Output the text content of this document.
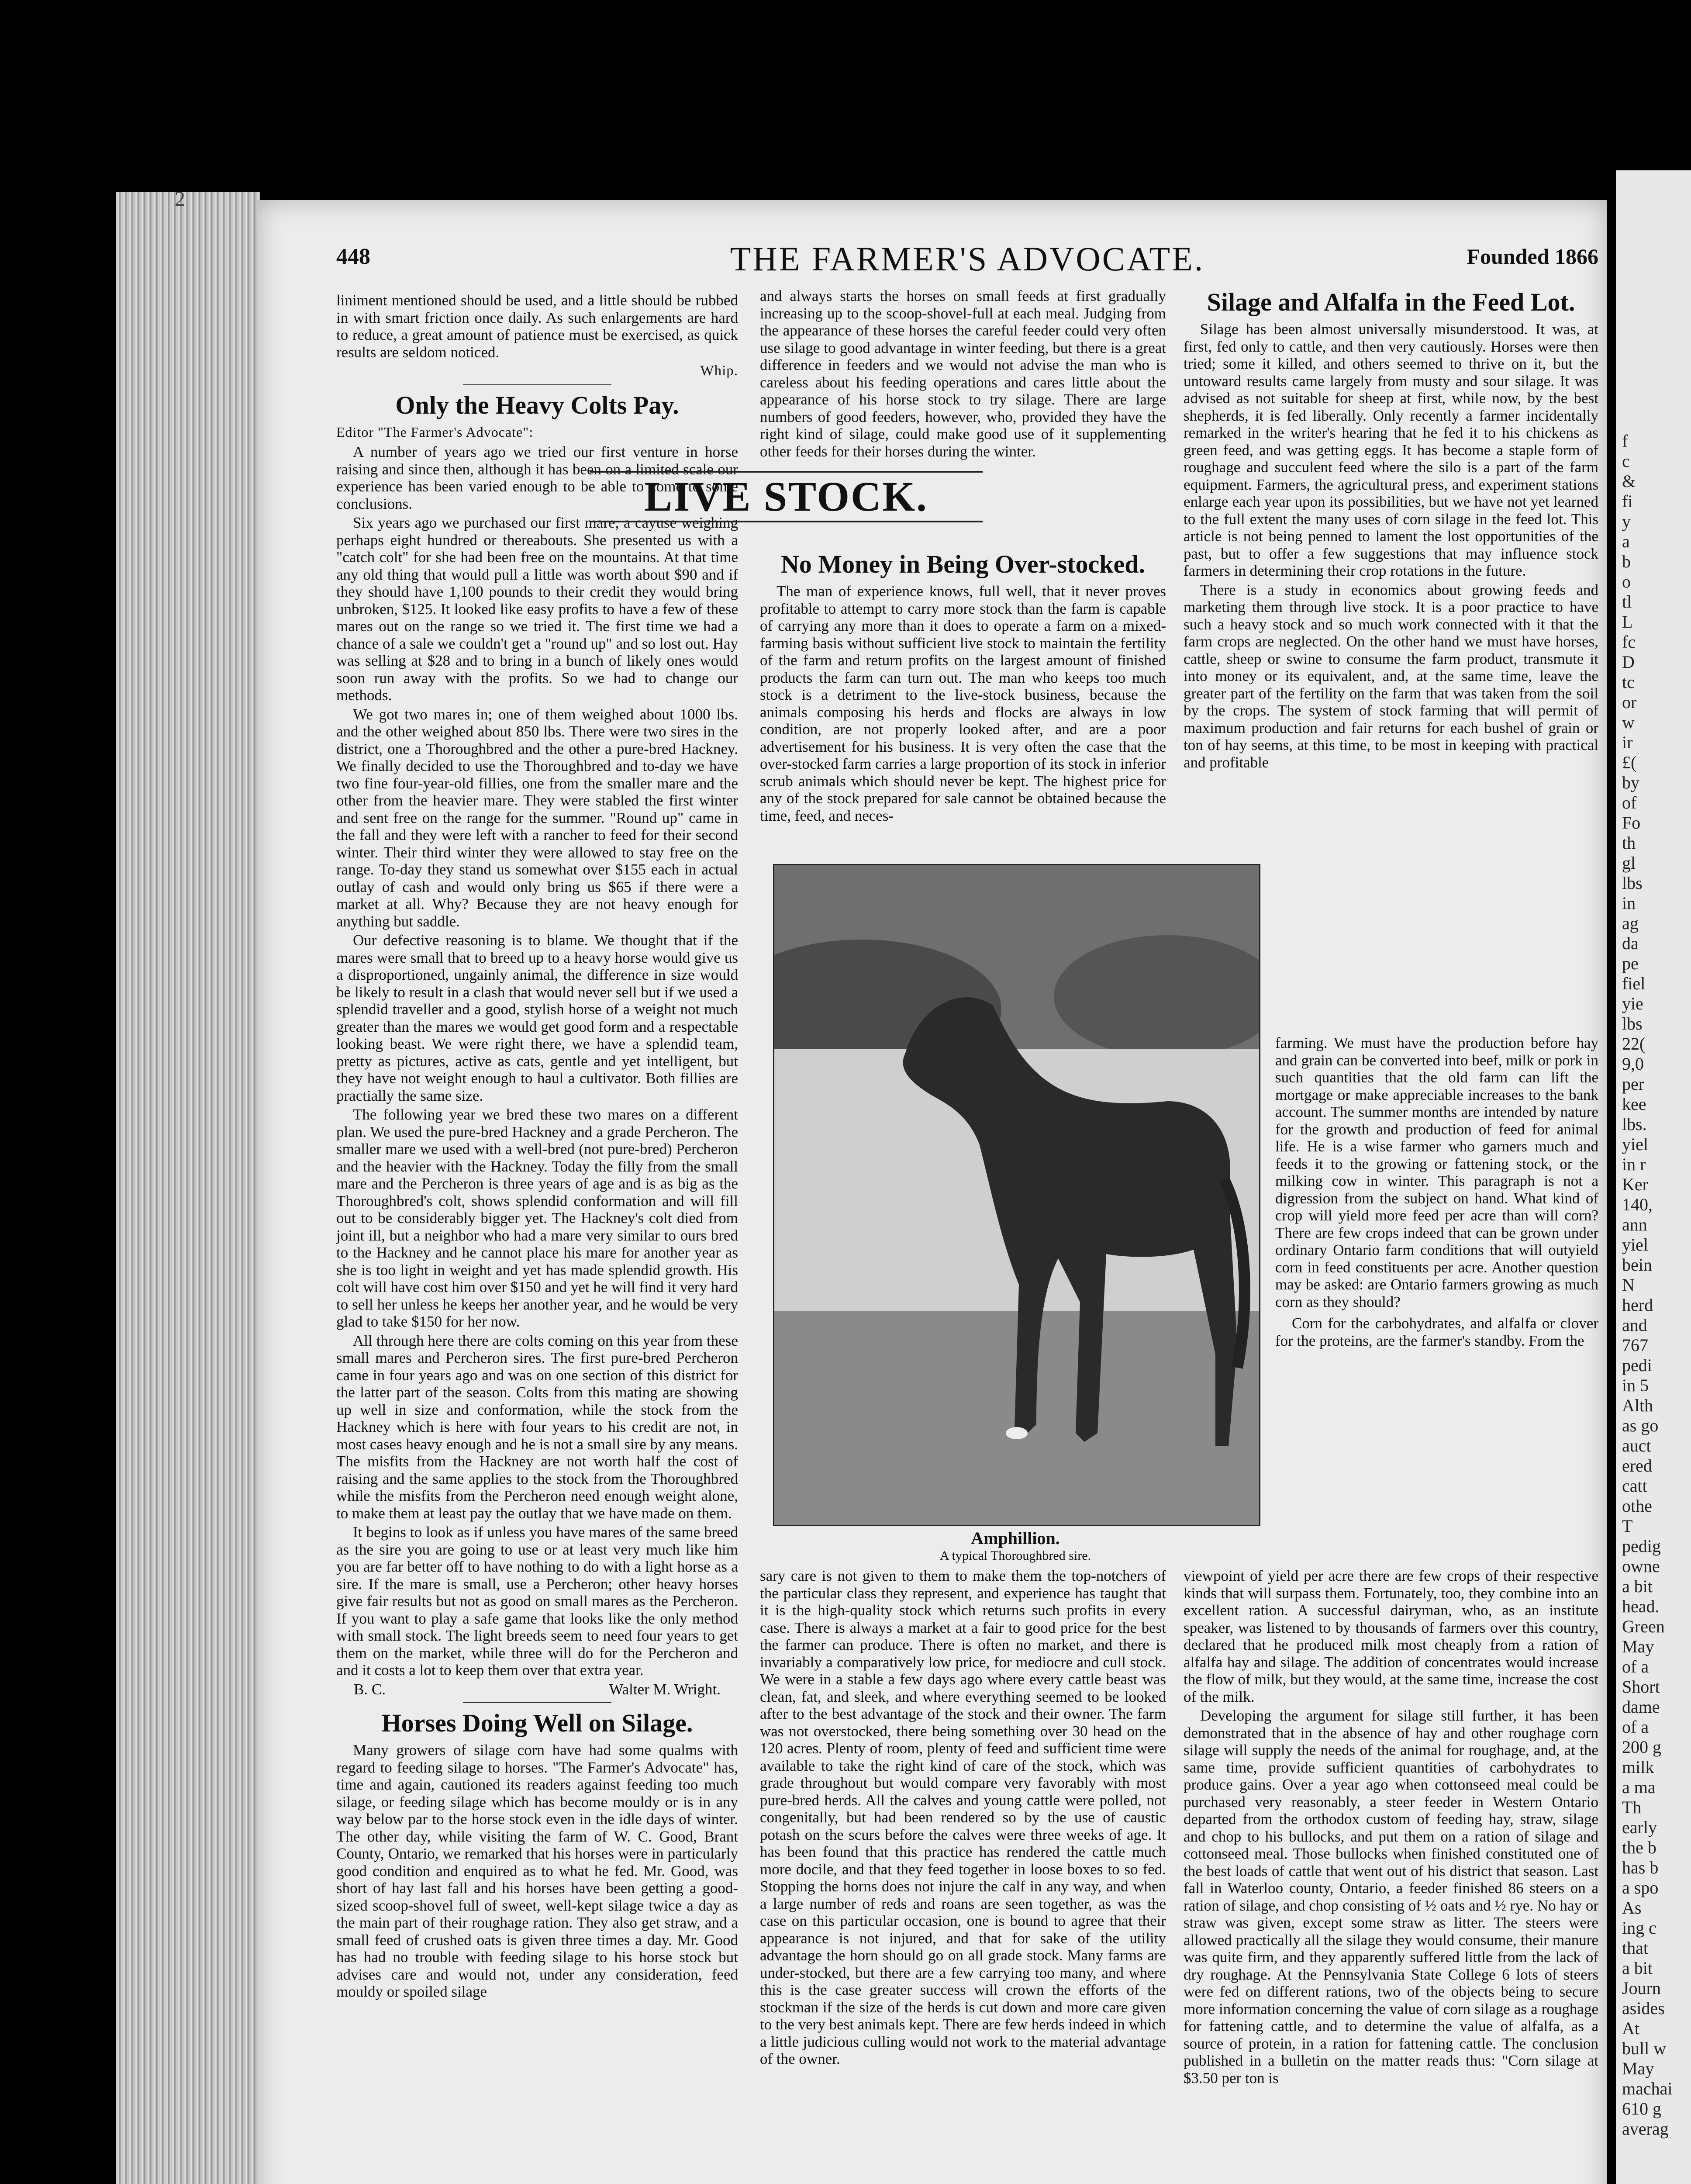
2
f
c
&
fi
y
a
b
o
tl
L
fc
D
tc
or
w
ir
£(
by
of
Fo
th
gl
lbs
in
ag
da
pe
fiel
yie
lbs
22(
9,0
per
kee
lbs.
yiel
in r
Ker
140,
ann
yiel
bein
N
herd
and
767
pedi
in 5
Alth
as go
auct
ered
catt
othe
T
pedig
owne
a bit
head.
Green
May
of a
Short
dame
of a
200 g
milk
a ma
Th
early
the b
has b
a spo
As
ing c
that
a bit
Journ
asides
At
bull w
May
machai
610 g
averag
448	THE FARMER'S ADVOCATE.	Founded 1866

liniment mentioned should be used, and a little should be rubbed in with smart friction once daily. As such enlargements are hard to reduce, a great amount of patience must be exercised, as quick results are seldom noticed.

Whip.

Only the Heavy Colts Pay.

Editor "The Farmer's Advocate":

A number of years ago we tried our first venture in horse raising and since then, although it has been on a limited scale our experience has been varied enough to be able to come to some conclusions.

Six years ago we purchased our first mare, a cayuse weighing perhaps eight hundred or thereabouts. She presented us with a "catch colt" for she had been free on the mountains. At that time any old thing that would pull a little was worth about $90 and if they should have 1,100 pounds to their credit they would bring unbroken, $125. It looked like easy profits to have a few of these mares out on the range so we tried it. The first time we had a chance of a sale we couldn't get a "round up" and so lost out. Hay was selling at $28 and to bring in a bunch of likely ones would soon run away with the profits. So we had to change our methods.

We got two mares in; one of them weighed about 1000 lbs. and the other weighed about 850 lbs. There were two sires in the district, one a Thoroughbred and the other a pure-bred Hackney. We finally decided to use the Thoroughbred and to-day we have two fine four-year-old fillies, one from the smaller mare and the other from the heavier mare. They were stabled the first winter and sent free on the range for the summer. "Round up" came in the fall and they were left with a rancher to feed for their second winter. Their third winter they were allowed to stay free on the range. To-day they stand us somewhat over $155 each in actual outlay of cash and would only bring us $65 if there were a market at all. Why? Because they are not heavy enough for anything but saddle.

Our defective reasoning is to blame. We thought that if the mares were small that to breed up to a heavy horse would give us a disproportioned, ungainly animal, the difference in size would be likely to result in a clash that would never sell but if we used a splendid traveller and a good, stylish horse of a weight not much greater than the mares we would get good form and a respectable looking beast. We were right there, we have a splendid team, pretty as pictures, active as cats, gentle and yet intelligent, but they have not weight enough to haul a cultivator. Both fillies are practially the same size.

The following year we bred these two mares on a different plan. We used the pure-bred Hackney and a grade Percheron. The smaller mare we used with a well-bred (not pure-bred) Percheron and the heavier with the Hackney. Today the filly from the small mare and the Percheron is three years of age and is as big as the Thoroughbred's colt, shows splendid conformation and will fill out to be considerably bigger yet. The Hackney's colt died from joint ill, but a neighbor who had a mare very similar to ours bred to the Hackney and he cannot place his mare for another year as she is too light in weight and yet has made splendid growth. His colt will have cost him over $150 and yet he will find it very hard to sell her unless he keeps her another year, and he would be very glad to take $150 for her now.

All through here there are colts coming on this year from these small mares and Percheron sires. The first pure-bred Percheron came in four years ago and was on one section of this district for the latter part of the season. Colts from this mating are showing up well in size and conformation, while the stock from the Hackney which is here with four years to his credit are not, in most cases heavy enough and he is not a small sire by any means. The misfits from the Hackney are not worth half the cost of raising and the same applies to the stock from the Thoroughbred while the misfits from the Percheron need enough weight alone, to make them at least pay the outlay that we have made on them.

It begins to look as if unless you have mares of the same breed as the sire you are going to use or at least very much like him you are far better off to have nothing to do with a light horse as a sire. If the mare is small, use a Percheron; other heavy horses give fair results but not as good on small mares as the Percheron. If you want to play a safe game that looks like the only method with small stock. The light breeds seem to need four years to get them on the market, while three will do for the Percheron and and it costs a lot to keep them over that extra year.

B. C.	Walter M. Wright.

Horses Doing Well on Silage.

Many growers of silage corn have had some qualms with regard to feeding silage to horses. "The Farmer's Advocate" has, time and again, cautioned its readers against feeding too much silage, or feeding silage which has become mouldy or is in any way below par to the horse stock even in the idle days of winter. The other day, while visiting the farm of W. C. Good, Brant County, Ontario, we remarked that his horses were in particularly good condition and enquired as to what he fed. Mr. Good, was short of hay last fall and his horses have been getting a good-sized scoop-shovel full of sweet, well-kept silage twice a day as the main part of their roughage ration. They also get straw, and a small feed of crushed oats is given three times a day. Mr. Good has had no trouble with feeding silage to his horse stock but advises care and would not, under any consideration, feed mouldy or spoiled silage

and always starts the horses on small feeds at first gradually increasing up to the scoop-shovel-full at each meal. Judging from the appearance of these horses the careful feeder could very often use silage to good advantage in winter feeding, but there is a great difference in feeders and we would not advise the man who is careless about his feeding operations and cares little about the appearance of his horse stock to try silage. There are large numbers of good feeders, however, who, provided they have the right kind of silage, could make good use of it supplementing other feeds for their horses during the winter.

LIVE STOCK.
No Money in Being Over-stocked.

The man of experience knows, full well, that it never proves profitable to attempt to carry more stock than the farm is capable of carrying any more than it does to operate a farm on a mixed-farming basis without sufficient live stock to maintain the fertility of the farm and return profits on the largest amount of finished products the farm can turn out. The man who keeps too much stock is a detriment to the live-stock business, because the animals composing his herds and flocks are always in low condition, are not properly looked after, and are a poor advertisement for his business. It is very often the case that the over-stocked farm carries a large proportion of its stock in inferior scrub animals which should never be kept. The highest price for any of the stock prepared for sale cannot be obtained because the time, feed, and neces-

Amphillion.
A typical Thoroughbred sire.

sary care is not given to them to make them the top-notchers of the particular class they represent, and experience has taught that it is the high-quality stock which returns such profits in every case. There is always a market at a fair to good price for the best the farmer can produce. There is often no market, and there is invariably a comparatively low price, for mediocre and cull stock. We were in a stable a few days ago where every cattle beast was clean, fat, and sleek, and where everything seemed to be looked after to the best advantage of the stock and their owner. The farm was not overstocked, there being something over 30 head on the 120 acres. Plenty of room, plenty of feed and sufficient time were available to take the right kind of care of the stock, which was grade throughout but would compare very favorably with most pure-bred herds. All the calves and young cattle were polled, not congenitally, but had been rendered so by the use of caustic potash on the scurs before the calves were three weeks of age. It has been found that this practice has rendered the cattle much more docile, and that they feed together in loose boxes to so fed. Stopping the horns does not injure the calf in any way, and when a large number of reds and roans are seen together, as was the case on this particular occasion, one is bound to agree that their appearance is not injured, and that for sake of the utility advantage the horn should go on all grade stock. Many farms are under-stocked, but there are a few carrying too many, and where this is the case greater success will crown the efforts of the stockman if the size of the herds is cut down and more care given to the very best animals kept. There are few herds indeed in which a little judicious culling would not work to the material advantage of the owner.

Silage and Alfalfa in the Feed Lot.

Silage has been almost universally misunderstood. It was, at first, fed only to cattle, and then very cautiously. Horses were then tried; some it killed, and others seemed to thrive on it, but the untoward results came largely from musty and sour silage. It was advised as not suitable for sheep at first, while now, by the best shepherds, it is fed liberally. Only recently a farmer incidentally remarked in the writer's hearing that he fed it to his chickens as green feed, and was getting eggs. It has become a staple form of roughage and succulent feed where the silo is a part of the farm equipment. Farmers, the agricultural press, and experiment stations enlarge each year upon its possibilities, but we have not yet learned to the full extent the many uses of corn silage in the feed lot. This article is not being penned to lament the lost opportunities of the past, but to offer a few suggestions that may influence stock farmers in determining their crop rotations in the future.

There is a study in economics about growing feeds and marketing them through live stock. It is a poor practice to have such a heavy stock and so much work connected with it that the farm crops are neglected. On the other hand we must have horses, cattle, sheep or swine to consume the farm product, transmute it into money or its equivalent, and, at the same time, leave the greater part of the fertility on the farm that was taken from the soil by the crops. The system of stock farming that will permit of maximum production and fair returns for each bushel of grain or ton of hay seems, at this time, to be most in keeping with practical and profitable

farming. We must have the production before hay and grain can be converted into beef, milk or pork in such quantities that the old farm can lift the mortgage or make appreciable increases to the bank account. The summer months are intended by nature for the growth and production of feed for animal life. He is a wise farmer who garners much and feeds it to the growing or fattening stock, or the milking cow in winter. This paragraph is not a digression from the subject on hand. What kind of crop will yield more feed per acre than will corn? There are few crops indeed that can be grown under ordinary Ontario farm conditions that will outyield corn in feed constituents per acre. Another question may be asked: are Ontario farmers growing as much corn as they should?

Corn for the carbohydrates, and alfalfa or clover for the proteins, are the farmer's standby. From the

viewpoint of yield per acre there are few crops of their respective kinds that will surpass them. Fortunately, too, they combine into an excellent ration. A successful dairyman, who, as an institute speaker, was listened to by thousands of farmers over this country, declared that he produced milk most cheaply from a ration of alfalfa hay and silage. The addition of concentrates would increase the flow of milk, but they would, at the same time, increase the cost of the milk.

Developing the argument for silage still further, it has been demonstrated that in the absence of hay and other roughage corn silage will supply the needs of the animal for roughage, and, at the same time, provide sufficient quantities of carbohydrates to produce gains. Over a year ago when cottonseed meal could be purchased very reasonably, a steer feeder in Western Ontario departed from the orthodox custom of feeding hay, straw, silage and chop to his bullocks, and put them on a ration of silage and cottonseed meal. Those bullocks when finished constituted one of the best loads of cattle that went out of his district that season. Last fall in Waterloo county, Ontario, a feeder finished 86 steers on a ration of silage, and chop consisting of ½ oats and ½ rye. No hay or straw was given, except some straw as litter. The steers were allowed practically all the silage they would consume, their manure was quite firm, and they apparently suffered little from the lack of dry roughage. At the Pennsylvania State College 6 lots of steers were fed on different rations, two of the objects being to secure more information concerning the value of corn silage as a roughage for fattening cattle, and to determine the value of alfalfa, as a source of protein, in a ration for fattening cattle. The conclusion published in a bulletin on the matter reads thus: "Corn silage at $3.50 per ton is
